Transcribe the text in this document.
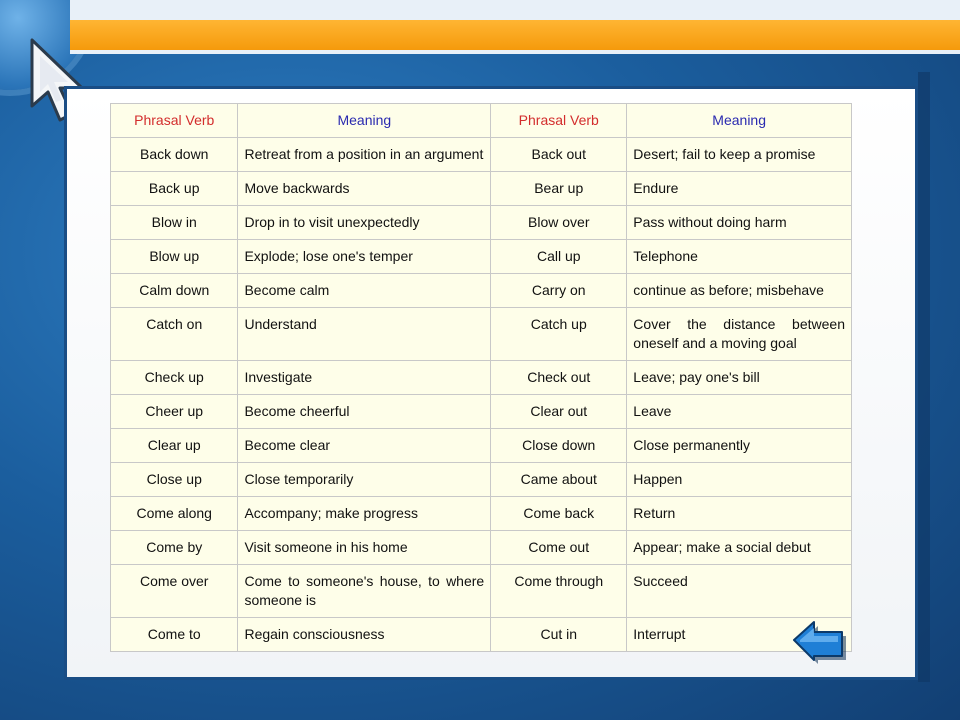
Phrasal Verb	Meaning	Phrasal Verb	Meaning
Back down	Retreat from a position in an argument	Back out	Desert; fail to keep a promise
Back up	Move backwards	Bear up	Endure
Blow in	Drop in to visit unexpectedly	Blow over	Pass without doing harm
Blow up	Explode; lose one's temper	Call up	Telephone
Calm down	Become calm	Carry on	continue as before; misbehave
Catch on	Understand	Catch up	Cover the distance between oneself and a moving goal
Check up	Investigate	Check out	Leave; pay one's bill
Cheer up	Become cheerful	Clear out	Leave
Clear up	Become clear	Close down	Close permanently
Close up	Close temporarily	Came about	Happen
Come along	Accompany; make progress	Come back	Return
Come by	Visit someone in his home	Come out	Appear; make a social debut
Come over	Come to someone's house, to where someone is	Come through	Succeed
Come to	Regain consciousness	Cut in	Interrupt
